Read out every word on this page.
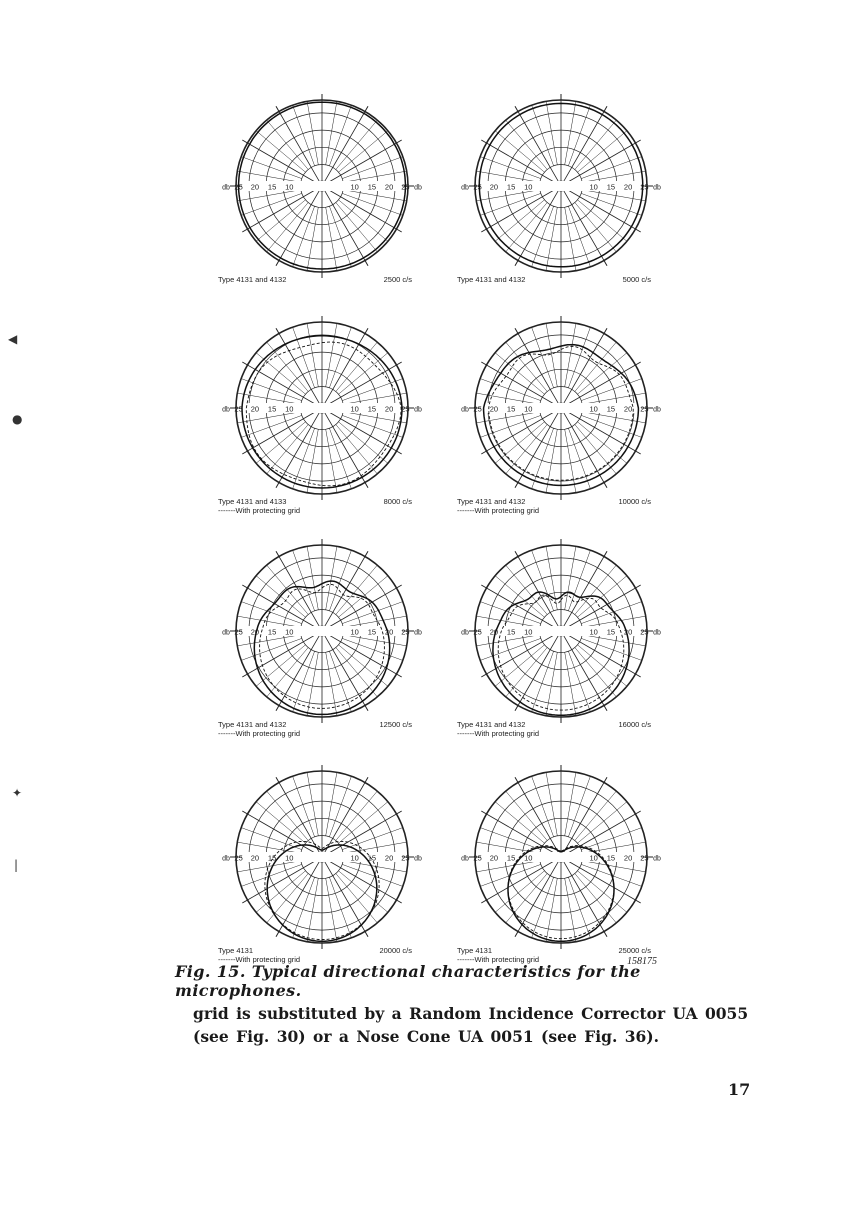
25	25
20	20
15	15
10	10
db	db
Type 4131 and 4132	2500 c/s
25	25
20	20
15	15
10	10
db	db
Type 4131 and 4132	5000 c/s
25	25
20	20
15	15
10	10
db	db
Type 4131 and 4133	8000 c/s
-------With protecting grid
25	25
20	20
15	15
10	10
db	db
Type 4131 and 4132	10000 c/s
-------With protecting grid
25	25
20	20
15	15
10	10
db	db
Type 4131 and 4132	12500 c/s
-------With protecting grid
25	25
20	20
15	15
10	10
db	db
Type 4131 and 4132	16000 c/s
-------With protecting grid
25	25
20	20
15	15
10	10
db	db
Type 4131	20000 c/s
-------With protecting grid
25	25
20	20
15	15
10	10
db	db
Type 4131	25000 c/s
-------With protecting grid	158175
Fig. 15. Typical directional characteristics for the microphones.

grid is substituted by a Random Incidence Corrector UA 0055 (see Fig. 30) or a Nose Cone UA 0051 (see Fig. 36).

17
◀
●
✦
|
